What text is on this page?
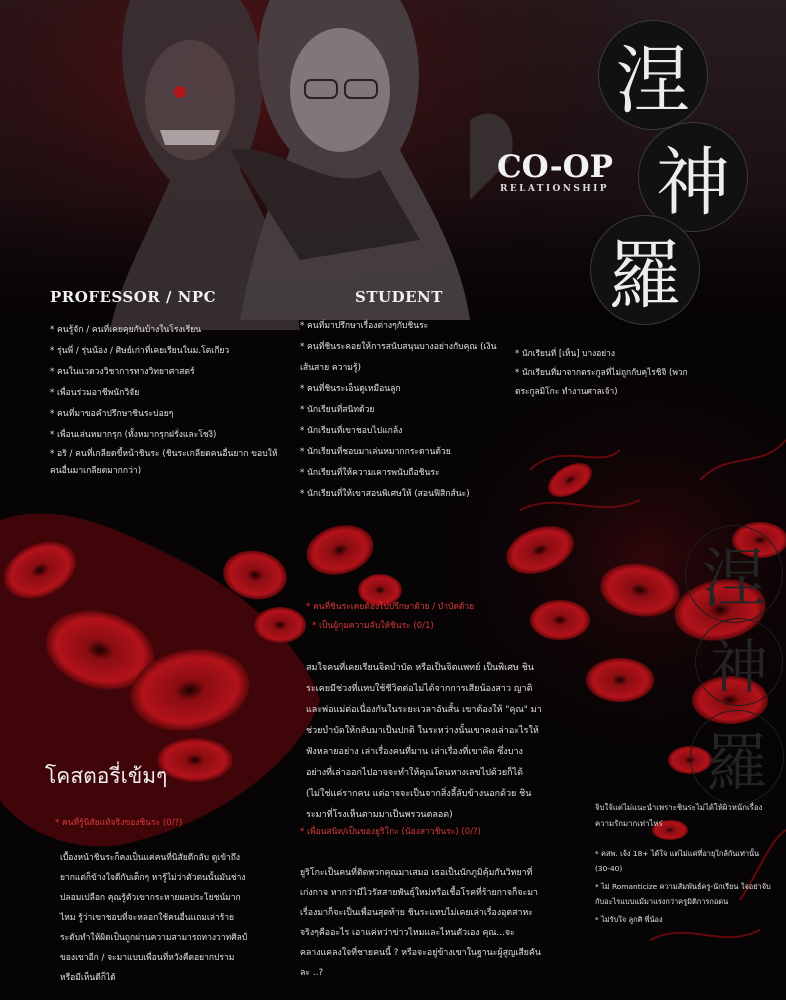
涅
神
羅
涅
神
羅
CO-OP
RELATIONSHIP
PROFESSOR / NPC
* คนรู้จัก / คนที่เคยคุยกันบ้างในโรงเรียน
* รุ่นพี่ / รุ่นน้อง / ศิษย์เก่าที่เคยเรียนในม.โตเกียว
* คนในแวดวงวิชาการทางวิทยาศาสตร์
* เพื่อนร่วมอาชีพนักวิจัย
* คนที่มาขอคำปรึกษาชินระบ่อยๆ
* เพื่อนเล่นหมากรุก (ทั้งหมากรุกฝรั่งและโชงิ)
* อริ / คนที่เกลียดขี้หน้าชินระ (ชินระเกลียดคนอื่นยาก ขอบให้คนอื่นมาเกลียดมากกว่า)
STUDENT
* คนที่มาปรึกษาเรื่องต่างๆกับชินระ
* คนที่ชินระคอยให้การสนับสนุนบางอย่างกับคุณ (เงิน เส้นสาย ความรู้)
* คนที่ชินระเอ็นดูเหมือนลูก
* นักเรียนที่สนิทด้วย
* นักเรียนที่เขาชอบไปแกล้ง
* นักเรียนที่ชอบมาเล่นหมากกระดานด้วย
* นักเรียนที่ให้ความเคารพนับถือชินระ
* นักเรียนที่ให้เขาสอนพิเศษให้ (สอนฟิสิกส์นะ)
* นักเรียนที่ [เห็น] บางอย่าง
* นักเรียนที่มาจากตระกูลที่ไม่ถูกกับคุไรชิจิ (พวกตระกูลมิโกะ ทำงานศาลเจ้า)
* คนที่ชินระเคยต้องไปปรึกษาด้วย / บำบัดด้วย
* เป็นผู้กุมความลับให้ชินระ (0/1)
สมใจคนที่เคยเรียนจิตบำบัด หรือเป็นจิตแพทย์ เป็นพิเศษ ชินระเคยมีช่วงที่แทบใช้ชีวิตต่อไม่ได้จากการเสียน้องสาว ญาติและพ่อแม่ต่อเนื่องกันในระยะเวลาอันสั้น เขาต้องให้ "คุณ" มาช่วยบำบัดให้กลับมาเป็นปกติ ในระหว่างนั้นเขาคงเล่าอะไรให้ฟังหลายอย่าง เล่าเรื่องคนที่มาน เล่าเรื่องที่เขาคิด ซึ่งบางอย่างที่เล่าออกไปอาจจะทำให้คุณโดนหางเลขไปด้วยก็ได้ (ไม่ใช่แค่รากคน แต่อาจจะเป็นจากสิ่งลี้ลับข้างนอกด้วย ชินระมาที่โรงเห็นตามมาเป็นพรวนตลอด)
โคสตอรี่เข้มๆ
* คนที่รู้นิสัยแท้จริงของชินระ (0/?)
เบื้องหน้าชินระก็คงเป็นแค่คนที่นิสัยดีกลับ ดูเข้าถึงยากแต่ก็ข้างใจดีกับเด็กๆ หารู้ไม่ว่าตัวตนนั้นมันช่างปลอมเปลือก คุณรู้ตัวเขากระหายผลประโยชน์มากไหม รู้ว่าเขาชอบที่จะหลอกใช้คนอื่นแถมเล่าร้ายระดับทำให้ผิดเป็นถูกผ่านความสามารถทางวาทศิลป์ของเขาอีก / จะมาแบบเพื่อนที่หวังคืดอยากปราม หรือมีเห็นดีก็ได้
* เพื่อนสนิท/เป็นของยูริโกะ (น้องสาวชินระ) (0/?)
ยูริโกะเป็นคนที่ติดพวกคุณมาเสมอ เธอเป็นนักภูมิคุ้มกันวิทยาที่เก่งกาจ หากว่ามีไวรัสสายพันธุ์ใหม่หรือเชื้อโรคที่ร้ายกาจก็จะมาเรื่องมาก็จะเป็นเพื่อนสุดท้าย ชินระแทบไม่เคยเล่าเรื่องอุตสาหะจริงๆคืออะไร เอาแค่หว่าข่าวไหมและไหนตัวเอง คุณ...จะคลางแคลงใจที่ชายคนนี้ ? หรือจะอยู่ข้างเขาในฐานะผู้สูญเสียคันละ ..?
จิบใจ้แต่ไม่แนะนำเพราะชินระไม่ได้ให้ผิวหนักเรื่องความรักมากเท่าไหร่
* คสพ. เจ้ง 18+ ได้ใจ แต่ไม่แค่ที่อายุใกล้กันเท่านั้น (30-40)
* ไม่ Romanticize ความสัมพันธ์ครู-นักเรียน ใจอย่าจับกับอะไรแบบแม้มาแรงกว่าครูมิติการกอดน
* ไม่รับใจ ลูกศิ พี่น้อง
